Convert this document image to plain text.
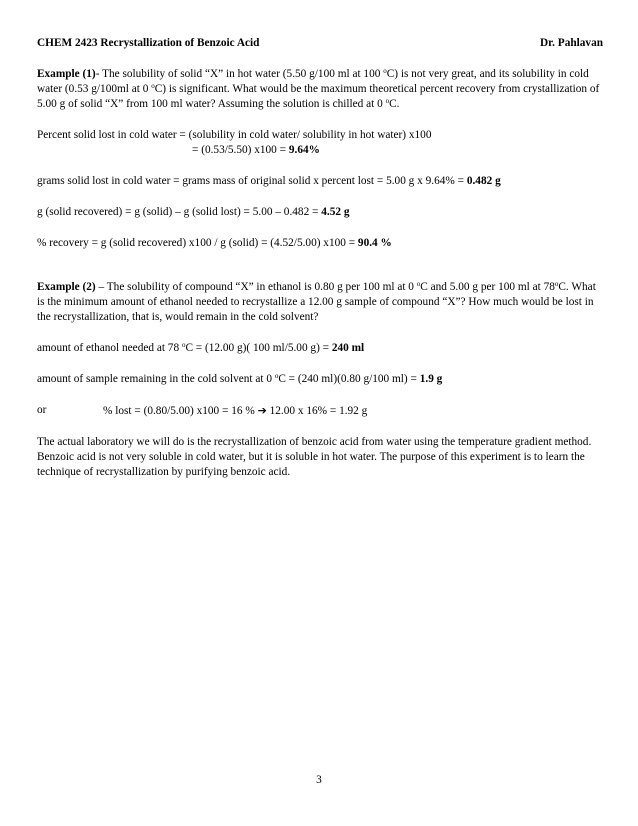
CHEM 2423 Recrystallization of Benzoic Acid	Dr. Pahlavan

Example (1)- The solubility of solid “X” in hot water (5.50 g/100 ml at 100 $^o$C) is not very great, and its solubility in cold water (0.53 g/100ml at 0 $^o$C) is significant. What would be the maximum theoretical percent recovery from crystallization of 5.00 g of solid “X” from 100 ml water? Assuming the solution is chilled at 0 $^o$C.

Percent solid lost in cold water = (solubility in cold water/ solubility in hot water) x100

= (0.53/5.50) x100 = 9.64%

grams solid lost in cold water = grams mass of original solid x percent lost = 5.00 g x 9.64% = 0.482 g

g (solid recovered) = g (solid) – g (solid lost) = 5.00 – 0.482 = 4.52 g

% recovery = g (solid recovered) x100 / g (solid) = (4.52/5.00) x100 = 90.4 %

Example (2) – The solubility of compound “X” in ethanol is 0.80 g per 100 ml at 0 $^o$C and 5.00 g per 100 ml at 78$^o$C. What is the minimum amount of ethanol needed to recrystallize a 12.00 g sample of compound “X”? How much would be lost in the recrystallization, that is, would remain in the cold solvent?

amount of ethanol needed at 78 $^o$C = (12.00 g)( 100 ml/5.00 g) = 240 ml

amount of sample remaining in the cold solvent at 0 $^o$C = (240 ml)(0.80 g/100 ml) = 1.9 g

or	% lost = (0.80/5.00) x100 = 16 % ➔ 12.00 x 16% = 1.92 g

The actual laboratory we will do is the recrystallization of benzoic acid from water using the temperature gradient method. Benzoic acid is not very soluble in cold water, but it is soluble in hot water. The purpose of this experiment is to learn the technique of recrystallization by purifying benzoic acid.

3
